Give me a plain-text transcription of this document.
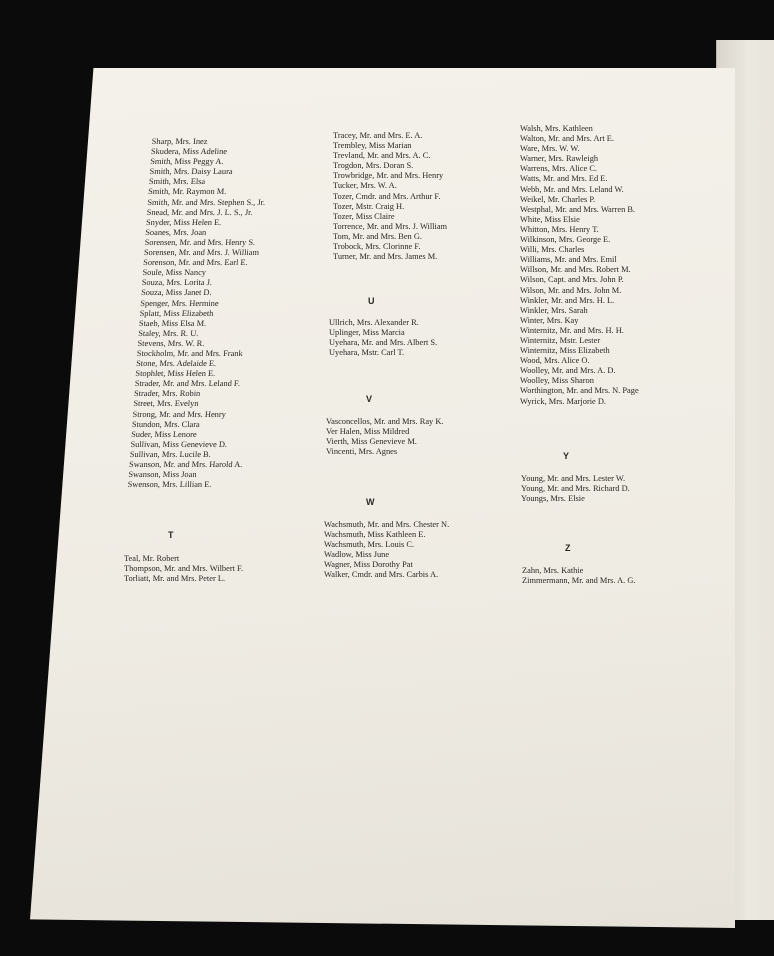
Sharp, Mrs. Inez
Skudera, Miss Adeline
Smith, Miss Peggy A.
Smith, Mrs. Daisy Laura
Smith, Mrs. Elsa
Smith, Mr. Raymon M.
Smith, Mr. and Mrs. Stephen S., Jr.
Snead, Mr. and Mrs. J. L. S., Jr.
Snyder, Miss Helen E.
Soanes, Mrs. Joan
Sorensen, Mr. and Mrs. Henry S.
Sorensen, Mr. and Mrs. J. William
Sorenson, Mr. and Mrs. Earl E.
Soule, Miss Nancy
Souza, Mrs. Lorita J.
Souza, Miss Janet D.
Spenger, Mrs. Hermine
Splatt, Miss Elizabeth
Staeb, Miss Elsa M.
Staley, Mrs. R. U.
Stevens, Mrs. W. R.
Stockholm, Mr. and Mrs. Frank
Stone, Mrs. Adelaide E.
Stophlet, Miss Helen E.
Strader, Mr. and Mrs. Leland F.
Strader, Mrs. Robin
Street, Mrs. Evelyn
Strong, Mr. and Mrs. Henry
Stundon, Mrs. Clara
Suder, Miss Lenore
Sullivan, Miss Genevieve D.
Sullivan, Mrs. Lucile B.
Swanson, Mr. and Mrs. Harold A.
Swanson, Miss Joan
Swenson, Mrs. Lillian E.
T
Teal, Mr. Robert
Thompson, Mr. and Mrs. Wilbert F.
Torliatt, Mr. and Mrs. Peter L.
Tracey, Mr. and Mrs. E. A.
Trembley, Miss Marian
Trevland, Mr. and Mrs. A. C.
Trogdon, Mrs. Doran S.
Trowbridge, Mr. and Mrs. Henry
Tucker, Mrs. W. A.
Tozer, Cmdr. and Mrs. Arthur F.
Tozer, Mstr. Craig H.
Tozer, Miss Claire
Torrence, Mr. and Mrs. J. William
Tom, Mr. and Mrs. Ben G.
Trobock, Mrs. Clorinne F.
Turner, Mr. and Mrs. James M.
U
Ullrich, Mrs. Alexander R.
Uplinger, Miss Marcia
Uyehara, Mr. and Mrs. Albert S.
Uyehara, Mstr. Carl T.
V
Vasconcellos, Mr. and Mrs. Ray K.
Ver Halen, Miss Mildred
Vierth, Miss Genevieve M.
Vincenti, Mrs. Agnes
W
Wachsmuth, Mr. and Mrs. Chester N.
Wachsmuth, Miss Kathleen E.
Wachsmuth, Mrs. Louis C.
Wadlow, Miss June
Wagner, Miss Dorothy Pat
Walker, Cmdr. and Mrs. Carbis A.
Walsh, Mrs. Kathleen
Walton, Mr. and Mrs. Art E.
Ware, Mrs. W. W.
Warner, Mrs. Rawleigh
Warrens, Mrs. Alice C.
Watts, Mr. and Mrs. Ed E.
Webb, Mr. and Mrs. Leland W.
Weikel, Mr. Charles P.
Westphal, Mr. and Mrs. Warren B.
White, Miss Elsie
Whitton, Mrs. Henry T.
Wilkinson, Mrs. George E.
Willi, Mrs. Charles
Williams, Mr. and Mrs. Emil
Willson, Mr. and Mrs. Robert M.
Wilson, Capt. and Mrs. John P.
Wilson, Mr. and Mrs. John M.
Winkler, Mr. and Mrs. H. L.
Winkler, Mrs. Sarah
Winter, Mrs. Kay
Winternitz, Mr. and Mrs. H. H.
Winternitz, Mstr. Lester
Winternitz, Miss Elizabeth
Wood, Mrs. Alice O.
Woolley, Mr. and Mrs. A. D.
Woolley, Miss Sharon
Worthington, Mr. and Mrs. N. Page
Wyrick, Mrs. Marjorie D.
Y
Young, Mr. and Mrs. Lester W.
Young, Mr. and Mrs. Richard D.
Youngs, Mrs. Elsie
Z
Zahn, Mrs. Kathie
Zimmermann, Mr. and Mrs. A. G.
